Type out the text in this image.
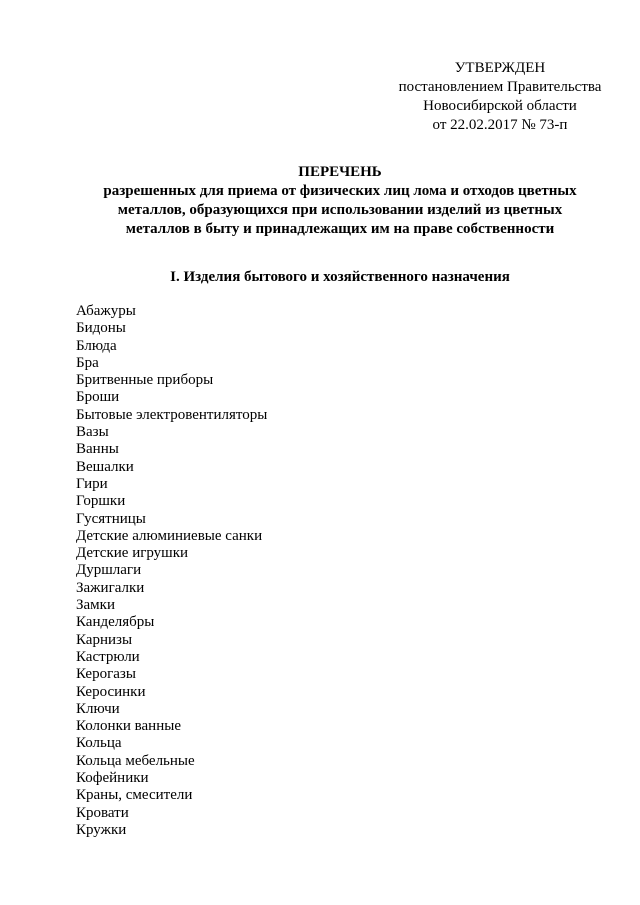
УТВЕРЖДЕН
постановлением Правительства
Новосибирской области
от 22.02.2017 № 73-п
ПЕРЕЧЕНЬ
разрешенных для приема от физических лиц лома и отходов цветных
металлов, образующихся при использовании изделий из цветных
металлов в быту и принадлежащих им на праве собственности
I. Изделия бытового и хозяйственного назначения
Абажуры
Бидоны
Блюда
Бра
Бритвенные приборы
Броши
Бытовые электровентиляторы
Вазы
Ванны
Вешалки
Гири
Горшки
Гусятницы
Детские алюминиевые санки
Детские игрушки
Дуршлаги
Зажигалки
Замки
Канделябры
Карнизы
Кастрюли
Керогазы
Керосинки
Ключи
Колонки ванные
Кольца
Кольца мебельные
Кофейники
Краны, смесители
Кровати
Кружки
